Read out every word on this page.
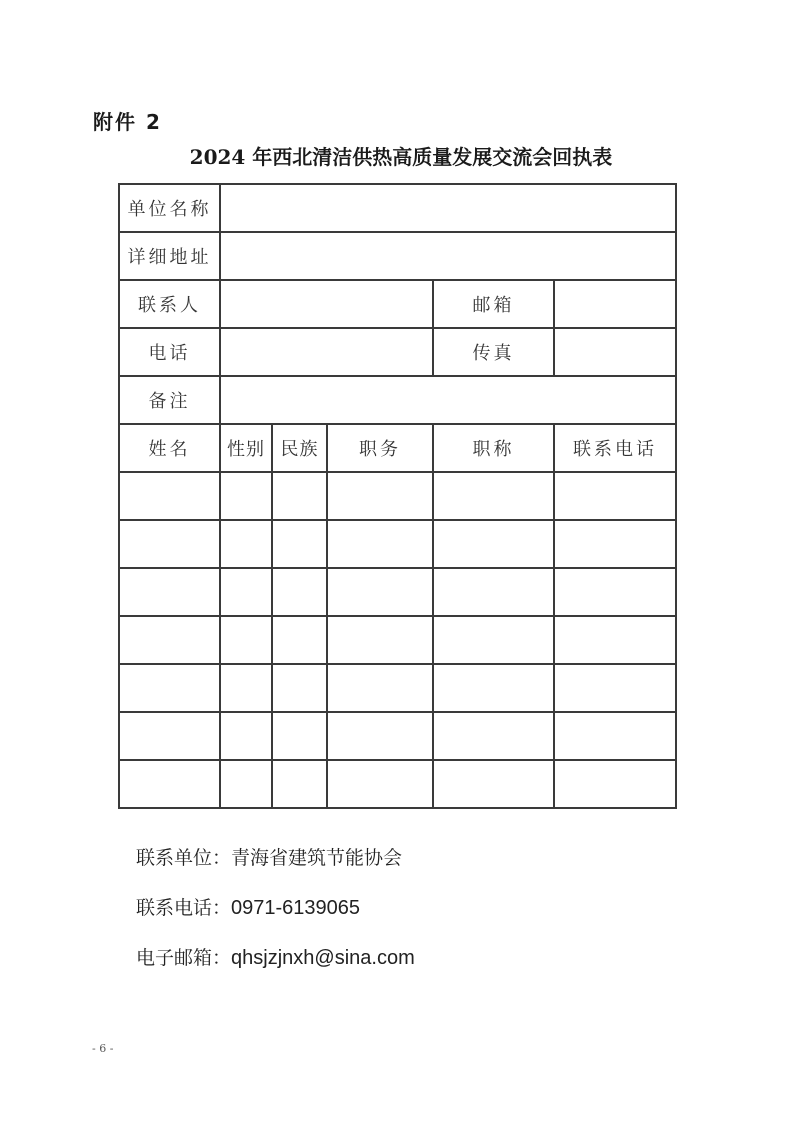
附件 2
2024 年西北清洁供热高质量发展交流会回执表
单位名称					
详细地址					
联系人				邮箱	
电话				传真	
备注					
姓名	性别	民族	职务	职称	联系电话

联系单位：青海省建筑节能协会
联系电话：0971-6139065
电子邮箱：qhsjzjnxh@sina.com
- 6 -
